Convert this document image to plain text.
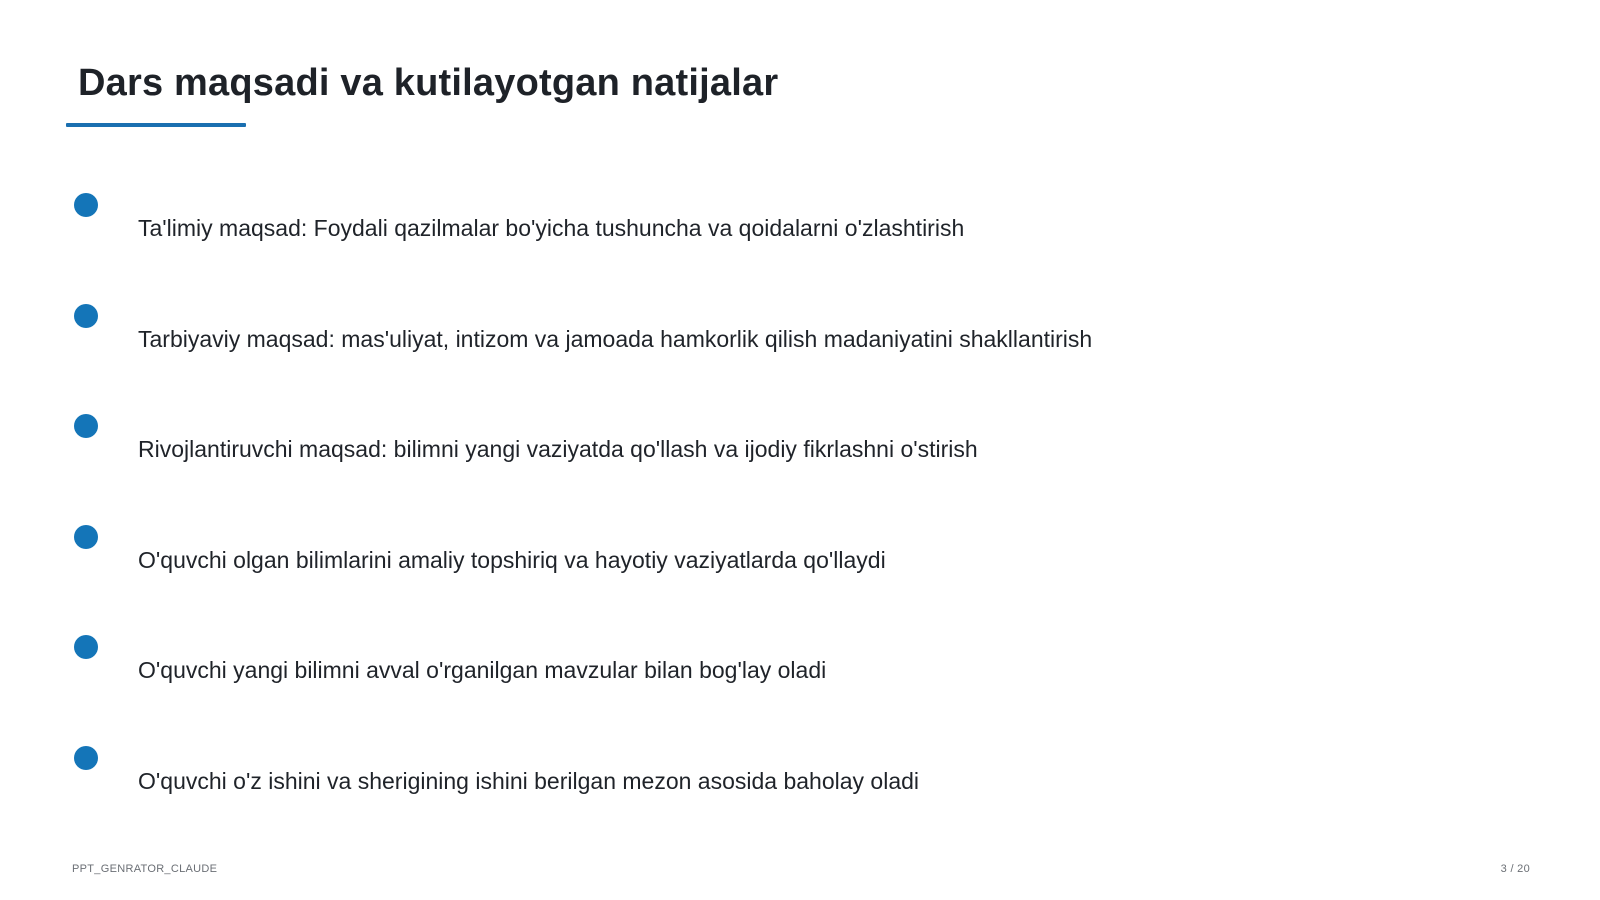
Dars maqsadi va kutilayotgan natijalar
Ta'limiy maqsad: Foydali qazilmalar bo'yicha tushuncha va qoidalarni o'zlashtirish
Tarbiyaviy maqsad: mas'uliyat, intizom va jamoada hamkorlik qilish madaniyatini shakllantirish
Rivojlantiruvchi maqsad: bilimni yangi vaziyatda qo'llash va ijodiy fikrlashni o'stirish
O'quvchi olgan bilimlarini amaliy topshiriq va hayotiy vaziyatlarda qo'llaydi
O'quvchi yangi bilimni avval o'rganilgan mavzular bilan bog'lay oladi
O'quvchi o'z ishini va sherigining ishini berilgan mezon asosida baholay oladi
PPT_GENRATOR_CLAUDE	3 / 20
